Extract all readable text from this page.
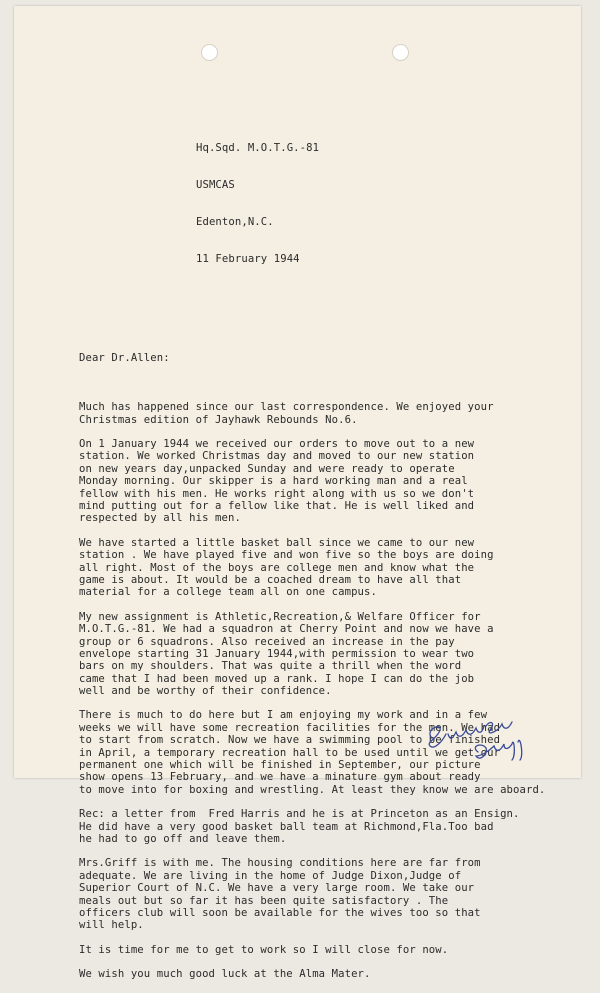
Hq.Sqd. M.O.T.G.-81

USMCAS

Edenton,N.C.

11 February 1944

Dear Dr.Allen:

Much has happened since our last correspondence. We enjoyed your
Christmas edition of Jayhawk Rebounds No.6.
On 1 January 1944 we received our orders to move out to a new
station. We worked Christmas day and moved to our new station
on new years day,unpacked Sunday and were ready to operate
Monday morning. Our skipper is a hard working man and a real
fellow with his men. He works right along with us so we don't
mind putting out for a fellow like that. He is well liked and
respected by all his men.
We have started a little basket ball since we came to our new
station . We have played five and won five so the boys are doing
all right. Most of the boys are college men and know what the
game is about. It would be a coached dream to have all that
material for a college team all on one campus.
My new assignment is Athletic,Recreation,& Welfare Officer for
M.O.T.G.-81. We had a squadron at Cherry Point and now we have a
group or 6 squadrons. Also received an increase in the pay
envelope starting 31 January 1944,with permission to wear two
bars on my shoulders. That was quite a thrill when the word
came that I had been moved up a rank. I hope I can do the job
well and be worthy of their confidence.
There is much to do here but I am enjoying my work and in a few
weeks we will have some recreation facilities for the men. We had
to start from scratch. Now we have a swimming pool to be finished
in April, a temporary recreation hall to be used until we get our
permanent one which will be finished in September, our picture
show opens 13 February, and we have a minature gym about ready
to move into for boxing and wrestling. At least they know we are aboard.
Rec: a letter from  Fred Harris and he is at Princeton as an Ensign.
He did have a very good basket ball team at Richmond,Fla.Too bad
he had to go off and leave them.
Mrs.Griff is with me. The housing conditions here are far from
adequate. We are living in the home of Judge Dixon,Judge of
Superior Court of N.C. We have a very large room. We take our
meals out but so far it has been quite satisfactory . The
officers club will soon be available for the wives too so that
will help.
It is time for me to get to work so I will close for now.
We wish you much good luck at the Alma Mater.
